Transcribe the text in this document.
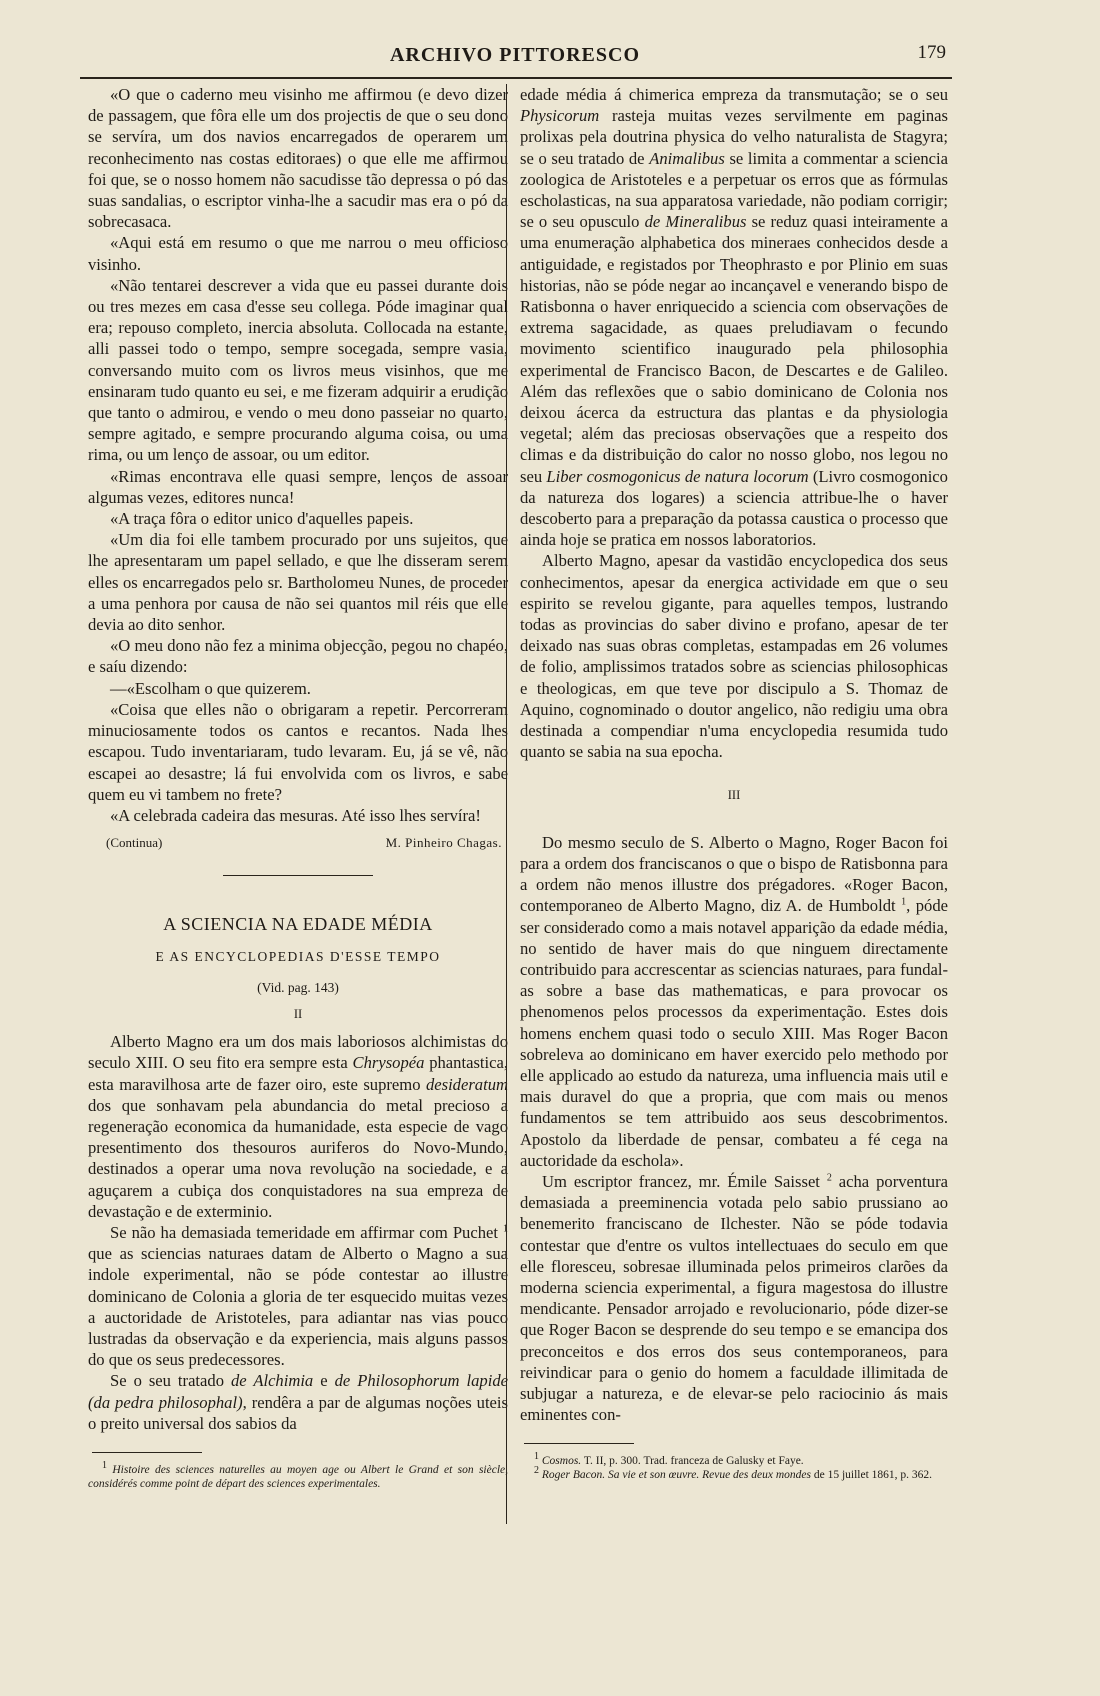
ARCHIVO PITTORESCO	179

«O que o caderno meu visinho me affirmou (e devo dizer de passagem, que fôra elle um dos projectis de que o seu dono se servíra, um dos navios encarregados de operarem um reconhecimento nas costas editoraes) o que elle me affirmou foi que, se o nosso homem não sacudisse tão depressa o pó das suas sandalias, o escriptor vinha-lhe a sacudir mas era o pó da sobrecasaca.

«Aqui está em resumo o que me narrou o meu officioso visinho.

«Não tentarei descrever a vida que eu passei durante dois ou tres mezes em casa d'esse seu collega. Póde imaginar qual era; repouso completo, inercia absoluta. Collocada na estante, alli passei todo o tempo, sempre socegada, sempre vasia, conversando muito com os livros meus visinhos, que me ensinaram tudo quanto eu sei, e me fizeram adquirir a erudição que tanto o admirou, e vendo o meu dono passeiar no quarto, sempre agitado, e sempre procurando alguma coisa, ou uma rima, ou um lenço de assoar, ou um editor.

«Rimas encontrava elle quasi sempre, lenços de assoar algumas vezes, editores nunca!

«A traça fôra o editor unico d'aquelles papeis.

«Um dia foi elle tambem procurado por uns sujeitos, que lhe apresentaram um papel sellado, e que lhe disseram serem elles os encarregados pelo sr. Bartholomeu Nunes, de proceder a uma penhora por causa de não sei quantos mil réis que elle devia ao dito senhor.

«O meu dono não fez a minima objecção, pegou no chapéo, e saíu dizendo:

—«Escolham o que quizerem.

«Coisa que elles não o obrigaram a repetir. Percorreram minuciosamente todos os cantos e recantos. Nada lhes escapou. Tudo inventariaram, tudo levaram. Eu, já se vê, não escapei ao desastre; lá fui envolvida com os livros, e sabe quem eu vi tambem no frete?

«A celebrada cadeira das mesuras. Até isso lhes servíra!

(Continua)	M. Pinheiro Chagas.
A SCIENCIA NA EDADE MÉDIA
E AS ENCYCLOPEDIAS D'ESSE TEMPO
(Vid. pag. 143)
II

Alberto Magno era um dos mais laboriosos alchimistas do seculo XIII. O seu fito era sempre esta Chrysopéa phantastica, esta maravilhosa arte de fazer oiro, este supremo desideratum dos que sonhavam pela abundancia do metal precioso a regeneração economica da humanidade, esta especie de vago presentimento dos thesouros auriferos do Novo-Mundo, destinados a operar uma nova revolução na sociedade, e a aguçarem a cubiça dos conquistadores na sua empreza de devastação e de exterminio.

Se não ha demasiada temeridade em affirmar com Puchet $^1$ que as sciencias naturaes datam de Alberto o Magno a sua indole experimental, não se póde contestar ao illustre dominicano de Colonia a gloria de ter esquecido muitas vezes a auctoridade de Aristoteles, para adiantar nas vias pouco lustradas da observação e da experiencia, mais alguns passos do que os seus predecessores.

Se o seu tratado de Alchimia e de Philosophorum lapide (da pedra philosophal), rendêra a par de algumas noções uteis o preito universal dos sabios da

$^1$ Histoire des sciences naturelles au moyen age ou Albert le Grand et son siècle, considérés comme point de départ des sciences experimentales.

edade média á chimerica empreza da transmutação; se o seu Physicorum rasteja muitas vezes servilmente em paginas prolixas pela doutrina physica do velho naturalista de Stagyra; se o seu tratado de Animalibus se limita a commentar a sciencia zoologica de Aristoteles e a perpetuar os erros que as fórmulas escholasticas, na sua apparatosa variedade, não podiam corrigir; se o seu opusculo de Mineralibus se reduz quasi inteiramente a uma enumeração alphabetica dos mineraes conhecidos desde a antiguidade, e registados por Theophrasto e por Plinio em suas historias, não se póde negar ao incançavel e venerando bispo de Ratisbonna o haver enriquecido a sciencia com observações de extrema sagacidade, as quaes preludiavam o fecundo movimento scientifico inaugurado pela philosophia experimental de Francisco Bacon, de Descartes e de Galileo. Além das reflexões que o sabio dominicano de Colonia nos deixou ácerca da estructura das plantas e da physiologia vegetal; além das preciosas observações que a respeito dos climas e da distribuição do calor no nosso globo, nos legou no seu Liber cosmogonicus de natura locorum (Livro cosmogonico da natureza dos logares) a sciencia attribue-lhe o haver descoberto para a preparação da potassa caustica o processo que ainda hoje se pratica em nossos laboratorios.

Alberto Magno, apesar da vastidão encyclopedica dos seus conhecimentos, apesar da energica actividade em que o seu espirito se revelou gigante, para aquelles tempos, lustrando todas as provincias do saber divino e profano, apesar de ter deixado nas suas obras completas, estampadas em 26 volumes de folio, amplissimos tratados sobre as sciencias philosophicas e theologicas, em que teve por discipulo a S. Thomaz de Aquino, cognominado o doutor angelico, não redigiu uma obra destinada a compendiar n'uma encyclopedia resumida tudo quanto se sabia na sua epocha.

III

Do mesmo seculo de S. Alberto o Magno, Roger Bacon foi para a ordem dos franciscanos o que o bispo de Ratisbonna para a ordem não menos illustre dos prégadores. «Roger Bacon, contemporaneo de Alberto Magno, diz A. de Humboldt $^1$, póde ser considerado como a mais notavel apparição da edade média, no sentido de haver mais do que ninguem directamente contribuido para accrescentar as sciencias naturaes, para fundal-as sobre a base das mathematicas, e para provocar os phenomenos pelos processos da experimentação. Estes dois homens enchem quasi todo o seculo XIII. Mas Roger Bacon sobreleva ao dominicano em haver exercido pelo methodo por elle applicado ao estudo da natureza, uma influencia mais util e mais duravel do que a propria, que com mais ou menos fundamentos se tem attribuido aos seus descobrimentos. Apostolo da liberdade de pensar, combateu a fé cega na auctoridade da eschola».

Um escriptor francez, mr. Émile Saisset $^2$ acha porventura demasiada a preeminencia votada pelo sabio prussiano ao benemerito franciscano de Ilchester. Não se póde todavia contestar que d'entre os vultos intellectuaes do seculo em que elle floresceu, sobresae illuminada pelos primeiros clarões da moderna sciencia experimental, a figura magestosa do illustre mendicante. Pensador arrojado e revolucionario, póde dizer-se que Roger Bacon se desprende do seu tempo e se emancipa dos preconceitos e dos erros dos seus contemporaneos, para reivindicar para o genio do homem a faculdade illimitada de subjugar a natureza, e de elevar-se pelo raciocinio ás mais eminentes con-

$^1$ Cosmos. T. II, p. 300. Trad. franceza de Galusky et Faye.
$^2$ Roger Bacon. Sa vie et son œuvre. Revue des deux mondes de 15 juillet 1861, p. 362.
